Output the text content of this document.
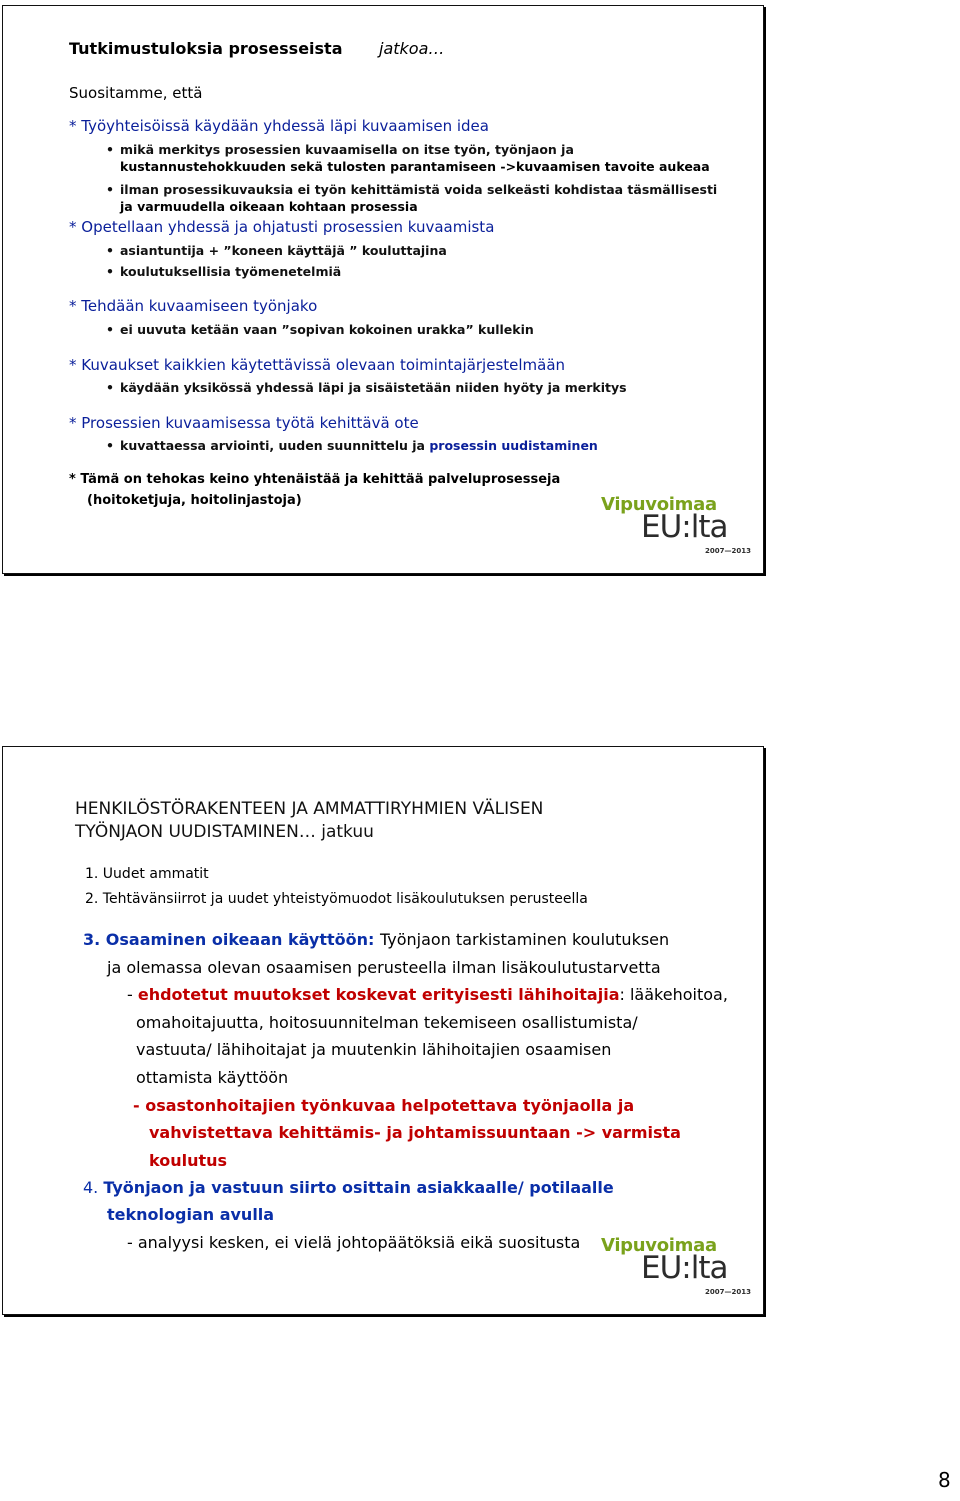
Tutkimustuloksia prosesseista jatkoa…
Suositamme, että
* Työyhteisöissä käydään yhdessä läpi kuvaamisen idea
• mikä merkitys prosessien kuvaamisella on itse työn, työnjaon ja
kustannustehokkuuden sekä tulosten parantamiseen ->kuvaamisen tavoite aukeaa
• ilman prosessikuvauksia ei työn kehittämistä voida selkeästi kohdistaa täsmällisesti
ja varmuudella oikeaan kohtaan prosessia
* Opetellaan yhdessä ja ohjatusti prosessien kuvaamista
• asiantuntija + ”koneen käyttäjä ” kouluttajina
• koulutuksellisia työmenetelmiä
* Tehdään kuvaamiseen työnjako
• ei uuvuta ketään vaan ”sopivan kokoinen urakka” kullekin
* Kuvaukset kaikkien käytettävissä olevaan toimintajärjestelmään
• käydään yksikössä yhdessä läpi ja sisäistetään niiden hyöty ja merkitys
* Prosessien kuvaamisessa työtä kehittävä ote
• kuvattaessa arviointi, uuden suunnittelu ja prosessin uudistaminen
* Tämä on tehokas keino yhtenäistää ja kehittää palveluprosesseja
(hoitoketjuja, hoitolinjastoja)	Vipuvoimaa
EU:lta
2007—2013
HENKILÖSTÖRAKENTEEN JA AMMATTIRYHMIEN VÄLISEN
TYÖNJAON UUDISTAMINEN… jatkuu
1. Uudet ammatit
2. Tehtävänsiirrot ja uudet yhteistyömuodot lisäkoulutuksen perusteella
3. Osaaminen oikeaan käyttöön: Työnjaon tarkistaminen koulutuksen
ja olemassa olevan osaamisen perusteella ilman lisäkoulutustarvetta
- ehdotetut muutokset koskevat erityisesti lähihoitajia: lääkehoitoa,
omahoitajuutta, hoitosuunnitelman tekemiseen osallistumista/
vastuuta/ lähihoitajat ja muutenkin lähihoitajien osaamisen
ottamista käyttöön
- osastonhoitajien työnkuvaa helpotettava työnjaolla ja
vahvistettava kehittämis- ja johtamissuuntaan -> varmista
koulutus
4. Työnjaon ja vastuun siirto osittain asiakkaalle/ potilaalle
teknologian avulla
- analyysi kesken, ei vielä johtopäätöksiä eikä suositusta Vipuvoimaa
EU:lta
2007—2013
8
